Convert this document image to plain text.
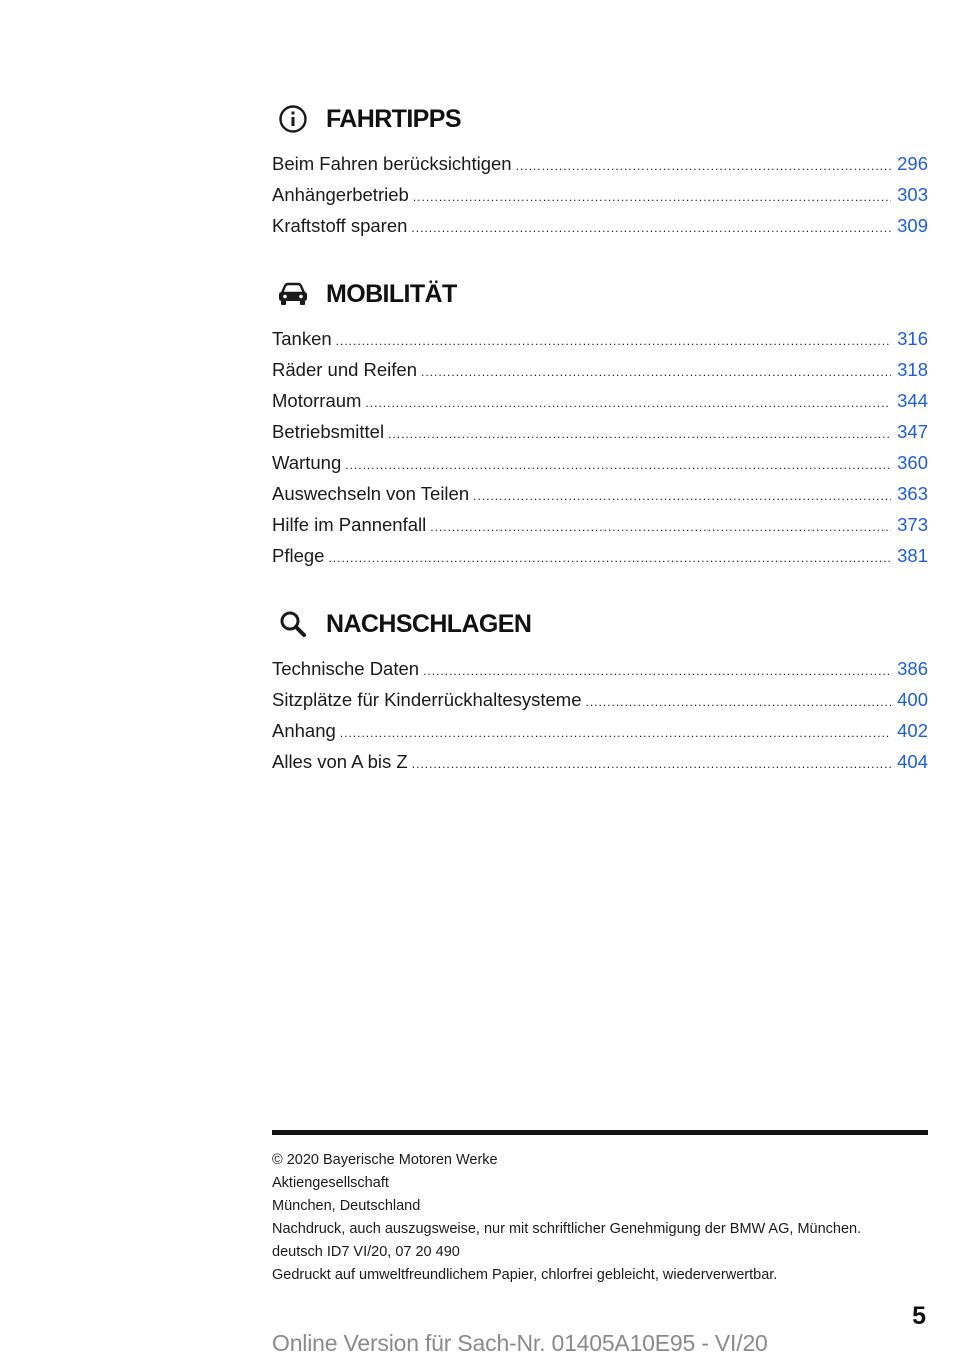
FAHRTIPPS
Beim Fahren berücksichtigen .....	296
Anhängerbetrieb .....	303
Kraftstoff sparen .....	309
MOBILITÄT
Tanken .....	316
Räder und Reifen .....	318
Motorraum .....	344
Betriebsmittel .....	347
Wartung .....	360
Auswechseln von Teilen .....	363
Hilfe im Pannenfall .....	373
Pflege .....	381
NACHSCHLAGEN
Technische Daten .....	386
Sitzplätze für Kinderrückhaltesysteme .....	400
Anhang .....	402
Alles von A bis Z .....	404
© 2020 Bayerische Motoren Werke
Aktiengesellschaft
München, Deutschland
Nachdruck, auch auszugsweise, nur mit schriftlicher Genehmigung der BMW AG, München.
deutsch ID7 VI/20, 07 20 490
Gedruckt auf umweltfreundlichem Papier, chlorfrei gebleicht, wiederverwertbar.
5
Online Version für Sach-Nr. 01405A10E95 - VI/20
